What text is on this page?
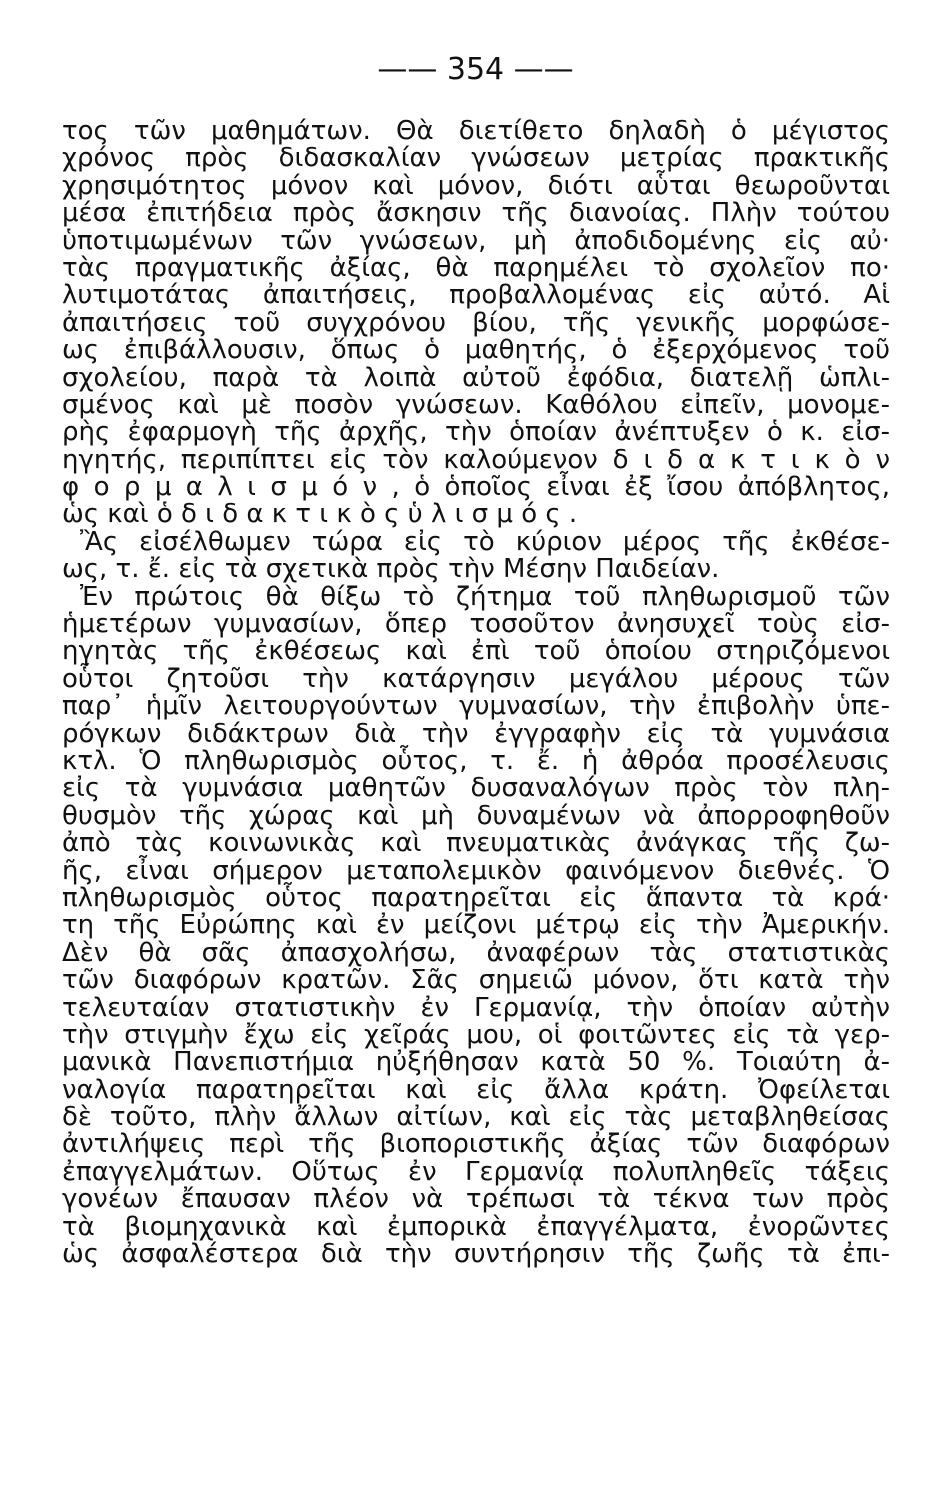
—— 354 ——
τος τῶν μαθημάτων. Θὰ διετίθετο δηλαδὴ ὁ μέγιστος
χρόνος πρὸς διδασκαλίαν γνώσεων μετρίας πρακτικῆς
χρησιμότητος μόνον καὶ μόνον, διότι αὗται θεωροῦνται
μέσα ἐπιτήδεια πρὸς ἄσκησιν τῆς διανοίας. Πλὴν τούτου
ὑποτιμωμένων τῶν γνώσεων, μὴ ἀποδιδομένης εἰς αὐ·
τὰς πραγματικῆς ἀξίας, θὰ παρημέλει τὸ σχολεῖον πο·
λυτιμοτάτας ἀπαιτήσεις, προβαλλομένας εἰς αὐτό. Αἱ
ἀπαιτήσεις τοῦ συγχρόνου βίου, τῆς γενικῆς μορφώσε-
ως ἐπιβάλλουσιν, ὅπως ὁ μαθητής, ὁ ἐξερχόμενος τοῦ
σχολείου, παρὰ τὰ λοιπὰ αὐτοῦ ἐφόδια, διατελῇ ὡπλι-
σμένος καὶ μὲ ποσὸν γνώσεων. Καθόλου εἰπεῖν, μονομε-
ρὴς ἐφαρμογὴ τῆς ἀρχῆς, τὴν ὁποίαν ἀνέπτυξεν ὁ κ. εἰσ-
ηγητής, περιπίπτει εἰς τὸν καλούμενον δ ι δ α κ τ ι κ ὸ ν
φ ο ρ μ α λ ι σ μ ό ν , ὁ ὁποῖος εἶναι ἐξ ἴσου ἀπόβλητος,
ὡς καὶ ὁ δ ι δ α κ τ ι κ ὸ ς ὑ λ ι σ μ ό ς .
Ἂς εἰσέλθωμεν τώρα εἰς τὸ κύριον μέρος τῆς ἐκθέσε-
ως, τ. ἔ. εἰς τὰ σχετικὰ πρὸς τὴν Μέσην Παιδείαν.
Ἐν πρώτοις θὰ θίξω τὸ ζήτημα τοῦ πληθωρισμοῦ τῶν
ἡμετέρων γυμνασίων, ὅπερ τοσοῦτον ἀνησυχεῖ τοὺς εἰσ-
ηγητὰς τῆς ἐκθέσεως καὶ ἐπὶ τοῦ ὁποίου στηριζόμενοι
οὗτοι ζητοῦσι τὴν κατάργησιν μεγάλου μέρους τῶν
παρ᾽ ἡμῖν λειτουργούντων γυμνασίων, τὴν ἐπιβολὴν ὑπε-
ρόγκων διδάκτρων διὰ τὴν ἐγγραφὴν εἰς τὰ γυμνάσια
κτλ. Ὁ πληθωρισμὸς οὗτος, τ. ἔ. ἡ ἀθρόα προσέλευσις
εἰς τὰ γυμνάσια μαθητῶν δυσαναλόγων πρὸς τὸν πλη-
θυσμὸν τῆς χώρας καὶ μὴ δυναμένων νὰ ἀπορροφηθοῦν
ἀπὸ τὰς κοινωνικὰς καὶ πνευματικὰς ἀνάγκας τῆς ζω-
ῆς, εἶναι σήμερον μεταπολεμικὸν φαινόμενον διεθνές. Ὁ
πληθωρισμὸς οὗτος παρατηρεῖται εἰς ἅπαντα τὰ κρά·
τη τῆς Εὐρώπης καὶ ἐν μείζονι μέτρῳ εἰς τὴν Ἀμερικήν.
Δὲν θὰ σᾶς ἀπασχολήσω, ἀναφέρων τὰς στατιστικὰς
τῶν διαφόρων κρατῶν. Σᾶς σημειῶ μόνον, ὅτι κατὰ τὴν
τελευταίαν στατιστικὴν ἐν Γερμανίᾳ, τὴν ὁποίαν αὐτὴν
τὴν στιγμὴν ἔχω εἰς χεῖράς μου, οἱ φοιτῶντες εἰς τὰ γερ-
μανικὰ Πανεπιστήμια ηὐξήθησαν κατὰ 50 %. Τοιαύτη ἀ-
ναλογία παρατηρεῖται καὶ εἰς ἄλλα κράτη. Ὀφείλεται
δὲ τοῦτο, πλὴν ἄλλων αἰτίων, καὶ εἰς τὰς μεταβληθείσας
ἀντιλήψεις περὶ τῆς βιοποριστικῆς ἀξίας τῶν διαφόρων
ἐπαγγελμάτων. Οὕτως ἐν Γερμανίᾳ πολυπληθεῖς τάξεις
γονέων ἔπαυσαν πλέον νὰ τρέπωσι τὰ τέκνα των πρὸς
τὰ βιομηχανικὰ καὶ ἐμπορικὰ ἐπαγγέλματα, ἐνορῶντες
ὡς ἀσφαλέστερα διὰ τὴν συντήρησιν τῆς ζωῆς τὰ ἐπι-
